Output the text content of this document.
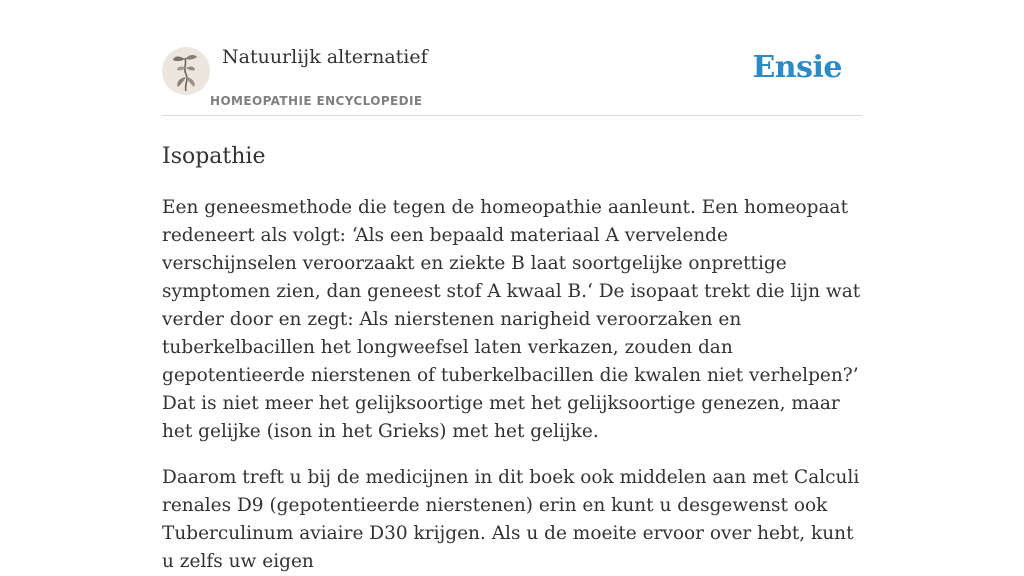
Natuurlijk alternatief
HOMEOPATHIE ENCYCLOPEDIE
Ensie
Isopathie

Een geneesmethode die tegen de homeopathie aanleunt. Een homeopaat redeneert als volgt: ‘Als een bepaald materiaal A vervelende verschijnselen veroorzaakt en ziekte B laat soortgelijke onprettige symptomen zien, dan geneest stof A kwaal B.‘ De isopaat trekt die lijn wat verder door en zegt: Als nierstenen narigheid veroorzaken en tuberkelbacillen het longweefsel laten verkazen, zouden dan gepotentieerde nierstenen of tuberkelbacillen die kwalen niet verhelpen?’ Dat is niet meer het gelijksoortige met het gelijksoortige genezen, maar het gelijke (ison in het Grieks) met het gelijke.

Daarom treft u bij de medicijnen in dit boek ook middelen aan met Calculi renales D9 (gepotentieerde nierstenen) erin en kunt u desgewenst ook Tuberculinum aviaire D30 krijgen. Als u de moeite ervoor over hebt, kunt u zelfs uw eigen
